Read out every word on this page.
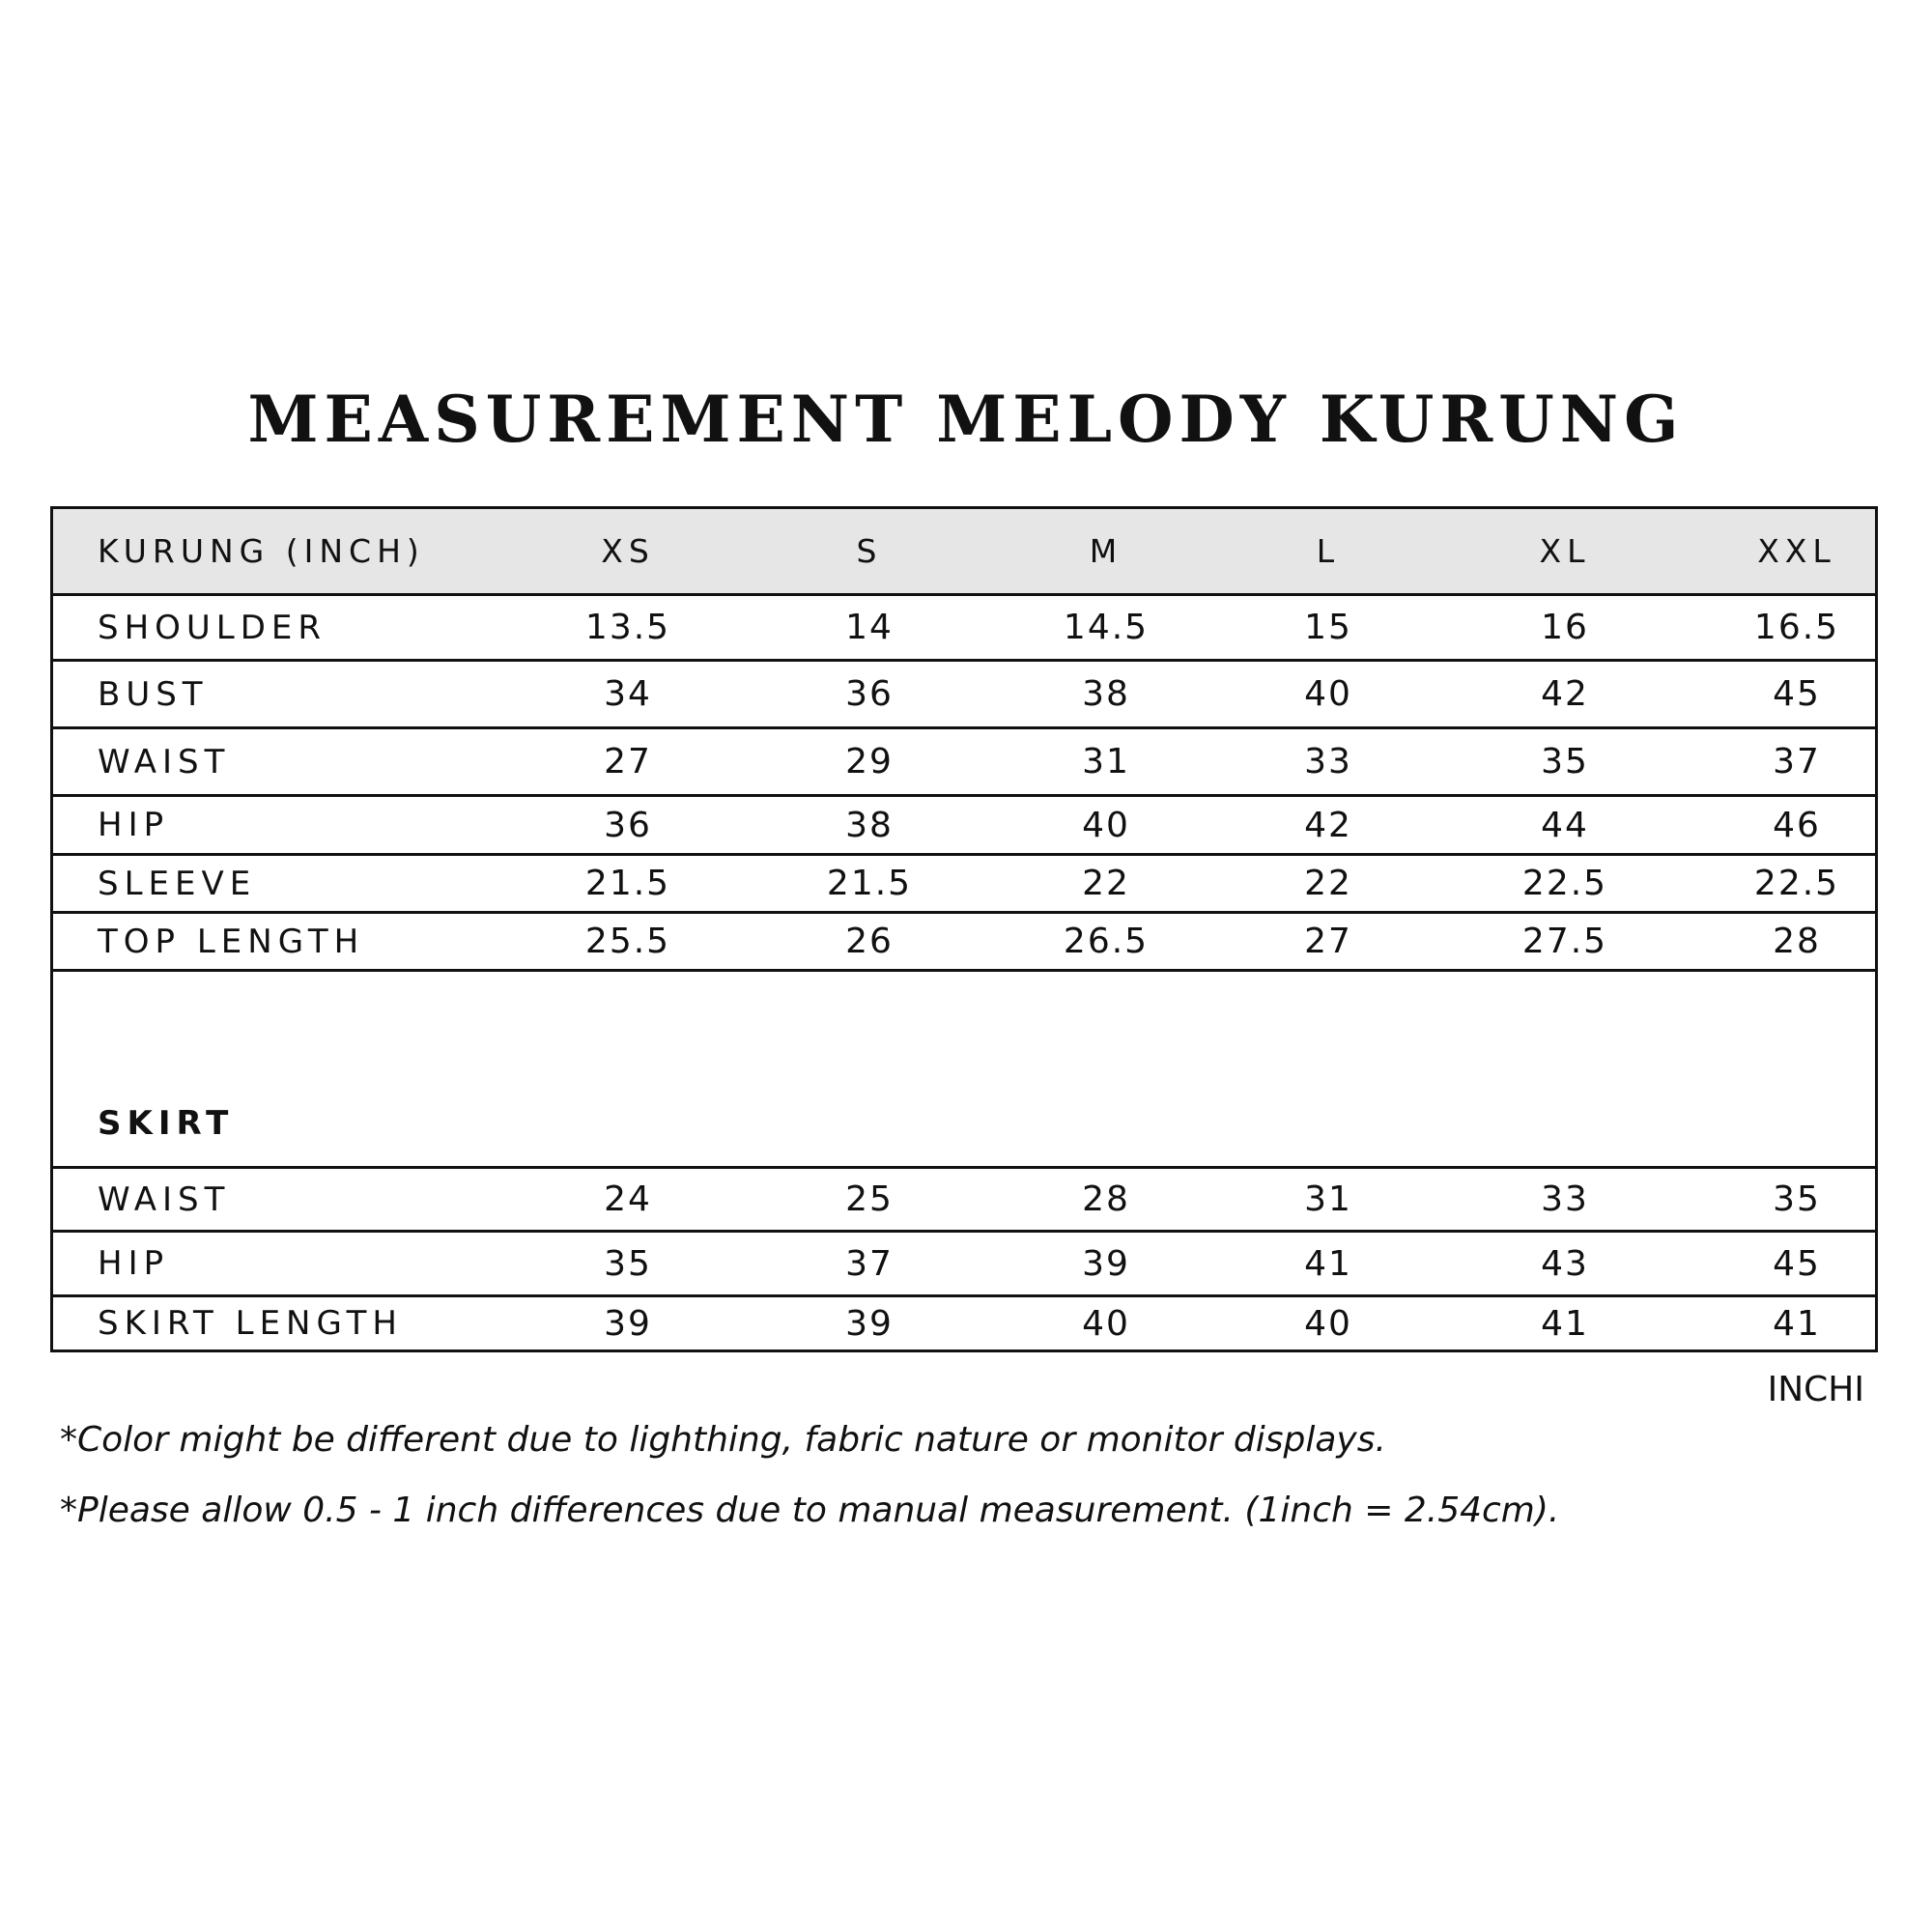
MEASUREMENT MELODY KURUNG
KURUNG (INCH)	XS	S	M	L	XL	XXL
SHOULDER	13.5	14	14.5	15	16	16.5
BUST	34	36	38	40	42	45
WAIST	27	29	31	33	35	37
HIP	36	38	40	42	44	46
SLEEVE	21.5	21.5	22	22	22.5	22.5
TOP LENGTH	25.5	26	26.5	27	27.5	28
SKIRT
WAIST	24	25	28	31	33	35
HIP	35	37	39	41	43	45
SKIRT LENGTH	39	39	40	40	41	41
INCHI
*Color might be different due to lighthing, fabric nature or monitor displays.
*Please allow 0.5 - 1 inch differences due to manual measurement. (1inch = 2.54cm).
